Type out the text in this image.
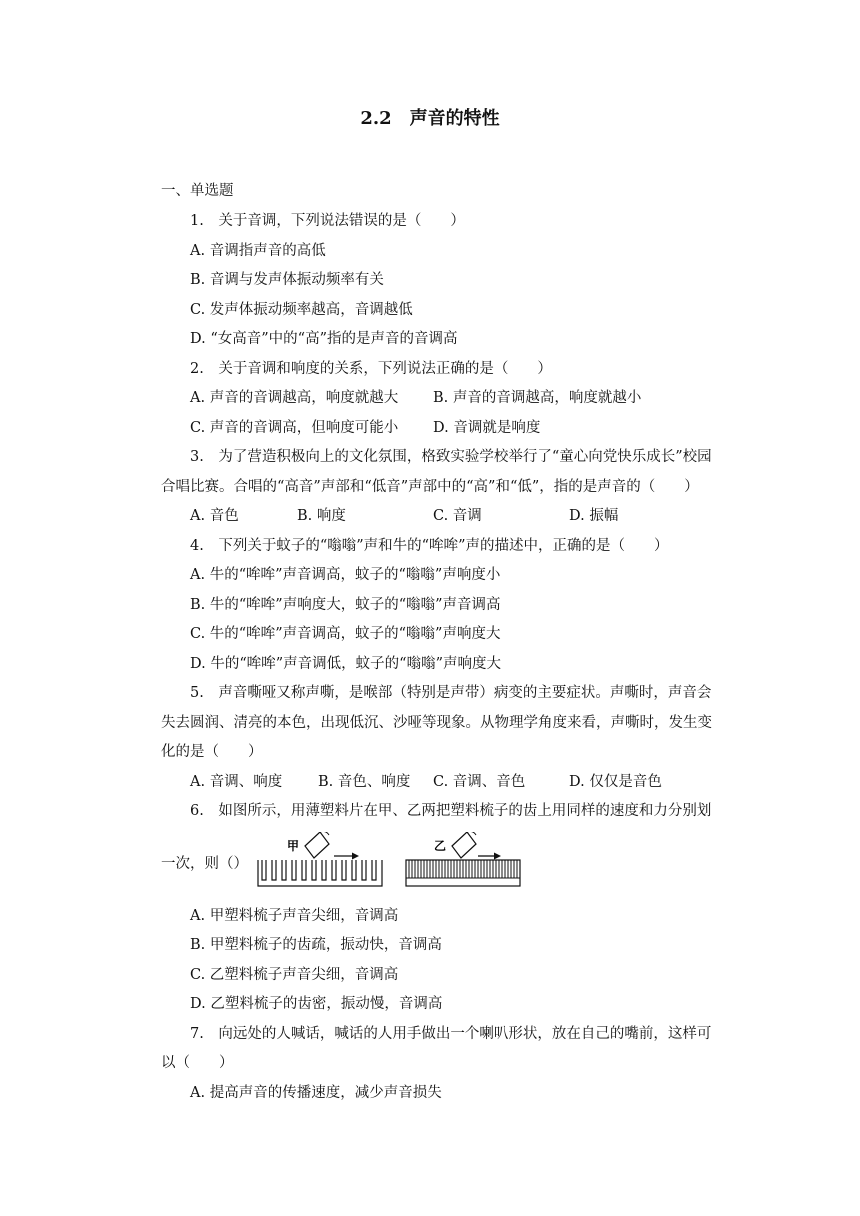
2.2　声音的特性
一、单选题
1.　关于音调，下列说法错误的是（　　）
A. 音调指声音的高低
B. 音调与发声体振动频率有关
C. 发声体振动频率越高，音调越低
D. “女高音”中的“高”指的是声音的音调高
2.　关于音调和响度的关系，下列说法正确的是（　　）
A. 声音的音调越高，响度就越大 B. 声音的音调越高，响度就越小
C. 声音的音调高，但响度可能小 D. 音调就是响度
3.　为了营造积极向上的文化氛围，格致实验学校举行了“童心向党快乐成长”校园
合唱比赛。合唱的“高音”声部和“低音”声部中的“高”和“低”，指的是声音的（　　）
A. 音色	B. 响度	C. 音调	D. 振幅
4.　下列关于蚊子的“嗡嗡”声和牛的“哞哞”声的描述中，正确的是（　　）
A. 牛的“哞哞”声音调高，蚊子的“嗡嗡”声响度小
B. 牛的“哞哞”声响度大，蚊子的“嗡嗡”声音调高
C. 牛的“哞哞”声音调高，蚊子的“嗡嗡”声响度大
D. 牛的“哞哞”声音调低，蚊子的“嗡嗡”声响度大
5.　声音嘶哑又称声嘶，是喉部（特别是声带）病变的主要症状。声嘶时，声音会
失去圆润、清亮的本色，出现低沉、沙哑等现象。从物理学角度来看，声嘶时，发生变
化的是（　　）
A. 音调、响度 B. 音色、响度 C. 音调、音色	D. 仅仅是音色
6.　如图所示，用薄塑料片在甲、乙两把塑料梳子的齿上用同样的速度和力分别划
一次，则（）
甲	乙
A. 甲塑料梳子声音尖细，音调高
B. 甲塑料梳子的齿疏，振动快，音调高
C. 乙塑料梳子声音尖细，音调高
D. 乙塑料梳子的齿密，振动慢，音调高
7.　向远处的人喊话，喊话的人用手做出一个喇叭形状，放在自己的嘴前，这样可
以（　　）
A. 提高声音的传播速度，减少声音损失
